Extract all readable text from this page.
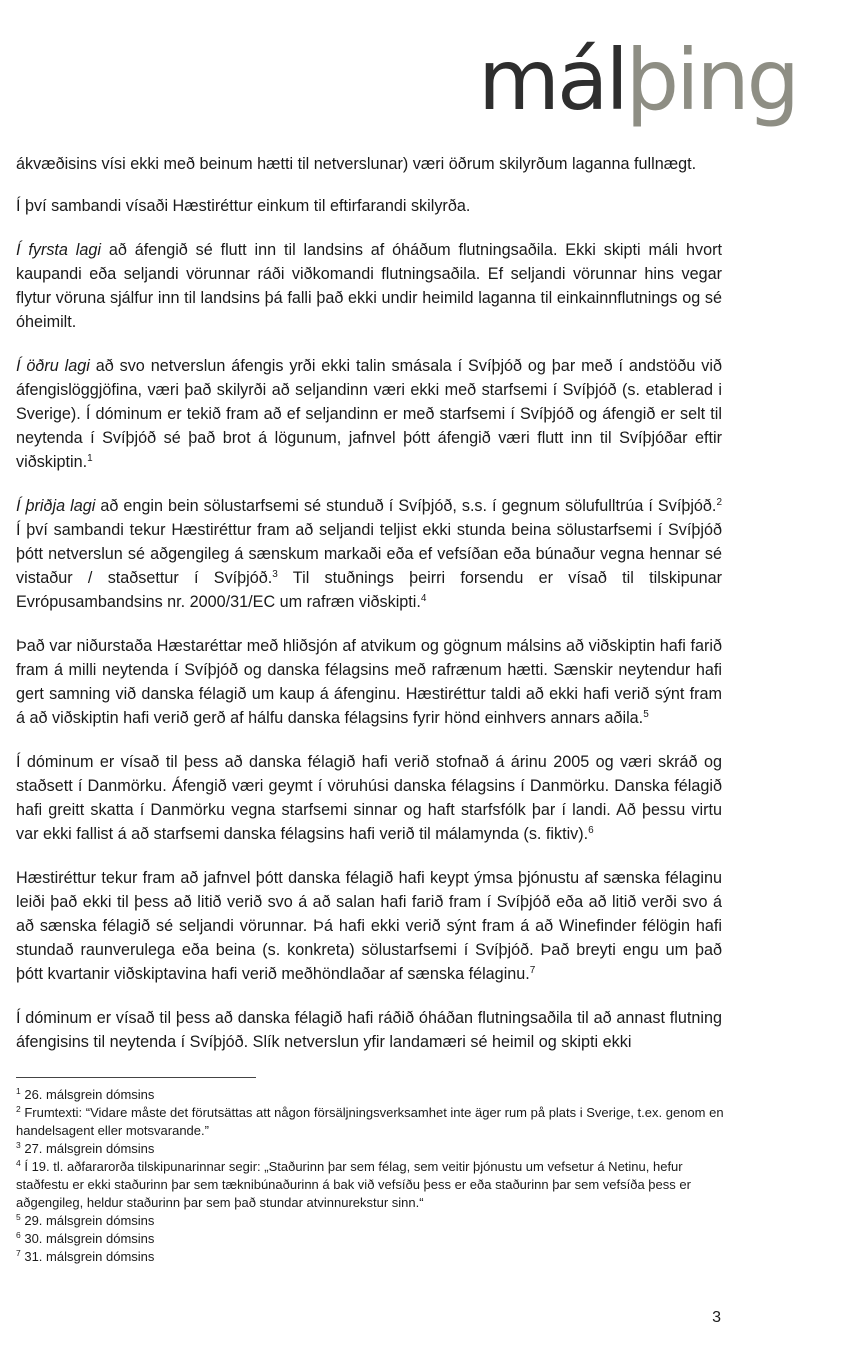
mál þing

ákvæðisins vísi ekki með beinum hætti til netverslunar) væri öðrum skilyrðum laganna fullnægt.

Í því sambandi vísaði Hæstiréttur einkum til eftirfarandi skilyrða.

Í fyrsta lagi að áfengið sé flutt inn til landsins af óháðum flutningsaðila. Ekki skipti máli hvort kaupandi eða seljandi vörunnar ráði viðkomandi flutningsaðila. Ef seljandi vörunnar hins vegar flytur vöruna sjálfur inn til landsins þá falli það ekki undir heimild laganna til einkainnflutnings og sé óheimilt.

Í öðru lagi að svo netverslun áfengis yrði ekki talin smásala í Svíþjóð og þar með í andstöðu við áfengislöggjöfina, væri það skilyrði að seljandinn væri ekki með starfsemi í Svíþjóð (s. etablerad i Sverige). Í dóminum er tekið fram að ef seljandinn er með starfsemi í Svíþjóð og áfengið er selt til neytenda í Svíþjóð sé það brot á lögunum, jafnvel þótt áfengið væri flutt inn til Svíþjóðar eftir viðskiptin.$^1$

Í þriðja lagi að engin bein sölustarfsemi sé stunduð í Svíþjóð, s.s. í gegnum sölufulltrúa í Svíþjóð.$^2$ Í því sambandi tekur Hæstiréttur fram að seljandi teljist ekki stunda beina sölustarfsemi í Svíþjóð þótt netverslun sé aðgengileg á sænskum markaði eða ef vefsíðan eða búnaður vegna hennar sé vistaður / staðsettur í Svíþjóð.$^3$ Til stuðnings þeirri forsendu er vísað til tilskipunar Evrópusambandsins nr. 2000/31/EC um rafræn viðskipti.$^4$

Það var niðurstaða Hæstaréttar með hliðsjón af atvikum og gögnum málsins að viðskiptin hafi farið fram á milli neytenda í Svíþjóð og danska félagsins með rafrænum hætti. Sænskir neytendur hafi gert samning við danska félagið um kaup á áfenginu. Hæstiréttur taldi að ekki hafi verið sýnt fram á að viðskiptin hafi verið gerð af hálfu danska félagsins fyrir hönd einhvers annars aðila.$^5$

Í dóminum er vísað til þess að danska félagið hafi verið stofnað á árinu 2005 og væri skráð og staðsett í Danmörku. Áfengið væri geymt í vöruhúsi danska félagsins í Danmörku. Danska félagið hafi greitt skatta í Danmörku vegna starfsemi sinnar og haft starfsfólk þar í landi. Að þessu virtu var ekki fallist á að starfsemi danska félagsins hafi verið til málamynda (s. fiktiv).$^6$

Hæstiréttur tekur fram að jafnvel þótt danska félagið hafi keypt ýmsa þjónustu af sænska félaginu leiði það ekki til þess að litið verið svo á að salan hafi farið fram í Svíþjóð eða að litið verði svo á að sænska félagið sé seljandi vörunnar. Þá hafi ekki verið sýnt fram á að Winefinder félögin hafi stundað raunverulega eða beina (s. konkreta) sölustarfsemi í Svíþjóð. Það breyti engu um það þótt kvartanir viðskiptavina hafi verið meðhöndlaðar af sænska félaginu.$^7$

Í dóminum er vísað til þess að danska félagið hafi ráðið óháðan flutningsaðila til að annast flutning áfengisins til neytenda í Svíþjóð. Slík netverslun yfir landamæri sé heimil og skipti ekki

$^1$ 26. málsgrein dómsins

$^2$ Frumtexti: “Vidare måste det förutsättas att någon försäljningsverksamhet inte äger rum på plats i Sverige, t.ex. genom en handelsagent eller motsvarande.”

$^3$ 27. málsgrein dómsins

$^4$ Í 19. tl. aðfararorða tilskipunarinnar segir: „Staðurinn þar sem félag, sem veitir þjónustu um vefsetur á Netinu, hefur staðfestu er ekki staðurinn þar sem tæknibúnaðurinn á bak við vefsíðu þess er eða staðurinn þar sem vefsíða þess er aðgengileg, heldur staðurinn þar sem það stundar atvinnurekstur sinn.“

$^5$ 29. málsgrein dómsins

$^6$ 30. málsgrein dómsins

$^7$ 31. málsgrein dómsins

3
